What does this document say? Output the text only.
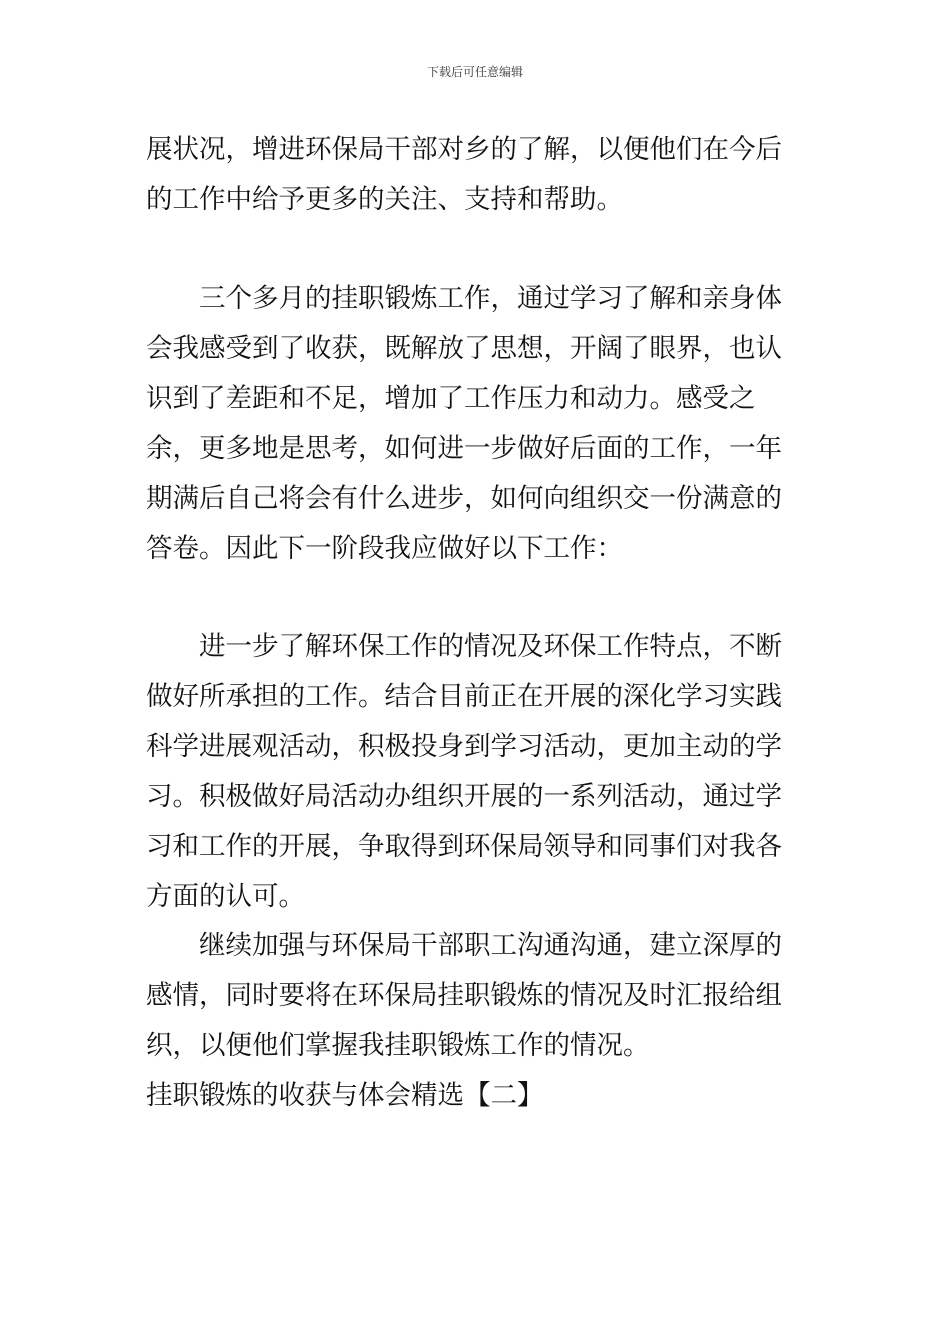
下载后可任意编辑

展状况，增进环保局干部对乡的了解，以便他们在今后的工作中给予更多的关注、支持和帮助。

三个多月的挂职锻炼工作，通过学习了解和亲身体会我感受到了收获，既解放了思想，开阔了眼界，也认识到了差距和不足，增加了工作压力和动力。感受之余，更多地是思考，如何进一步做好后面的工作，一年期满后自己将会有什么进步，如何向组织交一份满意的答卷。因此下一阶段我应做好以下工作：

进一步了解环保工作的情况及环保工作特点，不断做好所承担的工作。结合目前正在开展的深化学习实践科学进展观活动，积极投身到学习活动，更加主动的学习。积极做好局活动办组织开展的一系列活动，通过学习和工作的开展，争取得到环保局领导和同事们对我各方面的认可。

继续加强与环保局干部职工沟通沟通，建立深厚的感情，同时要将在环保局挂职锻炼的情况及时汇报给组织，以便他们掌握我挂职锻炼工作的情况。

挂职锻炼的收获与体会精选【二】
